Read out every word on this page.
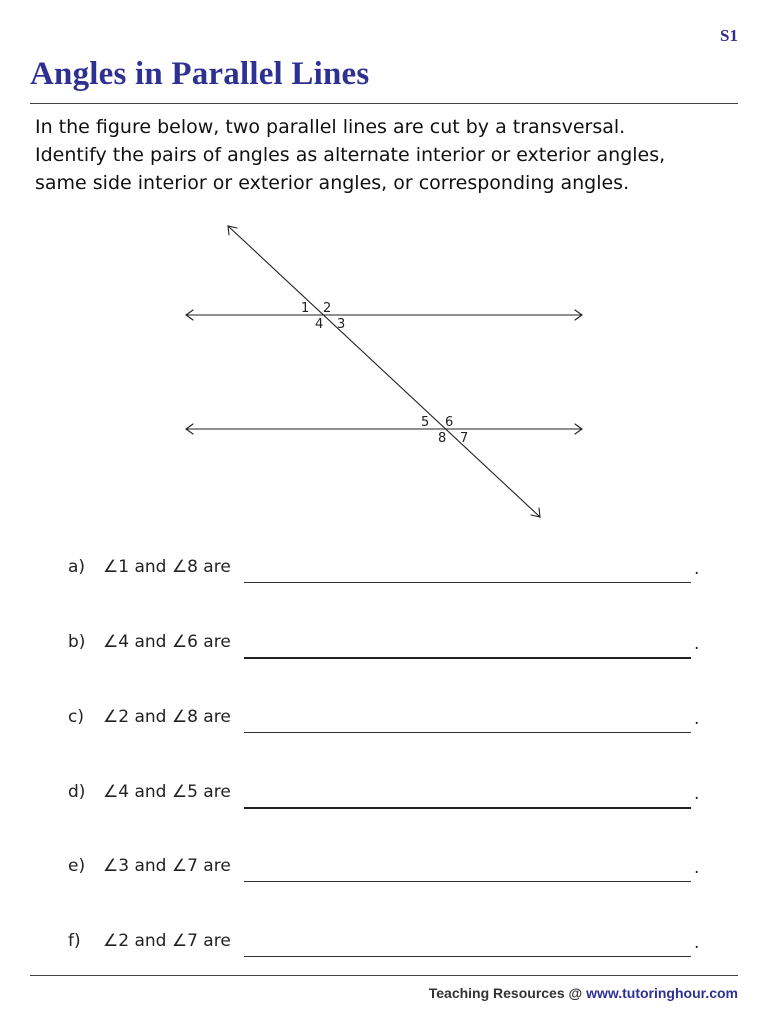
S1
Angles in Parallel Lines
In the figure below, two parallel lines are cut by a transversal.
Identify the pairs of angles as alternate interior or exterior angles,
same side interior or exterior angles, or corresponding angles.
1 2
4 3
5 6
8 7
a) ∠1 and ∠8 are	.
b) ∠4 and ∠6 are	.
c) ∠2 and ∠8 are	.
d) ∠4 and ∠5 are	.
e) ∠3 and ∠7 are	.
f) ∠2 and ∠7 are	.
Teaching Resources @ www.tutoringhour.com
